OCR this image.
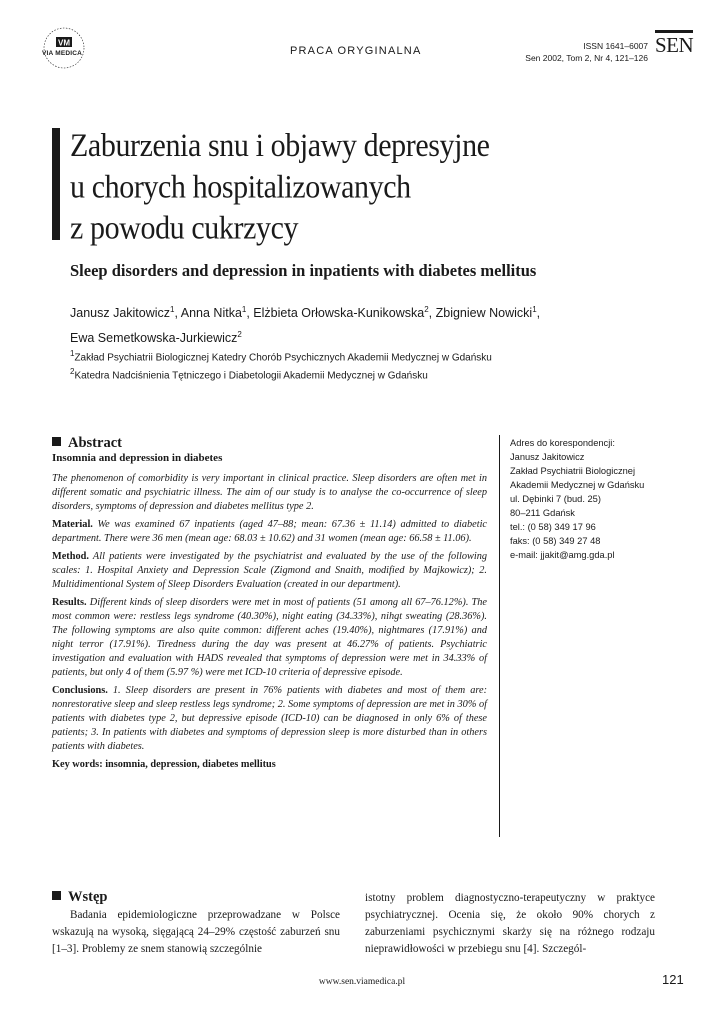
VM
VIA MEDICA	PRACA ORYGINALNA	ISSN 1641–6007
Sen 2002, Tom 2, Nr 4, 121–126
SEN
Zaburzenia snu i objawy depresyjne
u chorych hospitalizowanych
z powodu cukrzycy
Sleep disorders and depression in inpatients with diabetes mellitus
Janusz Jakitowicz$^1$, Anna Nitka$^1$, Elżbieta Orłowska-Kunikowska$^2$, Zbigniew Nowicki$^1$,
Ewa Semetkowska-Jurkiewicz$^2$
$^1$Zakład Psychiatrii Biologicznej Katedry Chorób Psychicznych Akademii Medycznej w Gdańsku
$^2$Katedra Nadciśnienia Tętniczego i Diabetologii Akademii Medycznej w Gdańsku
Abstract
Insomnia and depression in diabetes

The phenomenon of comorbidity is very important in clinical practice. Sleep disorders are often met in different somatic and psychiatric illness. The aim of our study is to analyse the co-occurrence of sleep disorders, symptoms of depression and diabetes mellitus type 2.

Material. We was examined 67 inpatients (aged 47–88; mean: 67.36 ± 11.14) admitted to diabetic department. There were 36 men (mean age: 68.03 ± 10.62) and 31 women (mean age: 66.58 ± 11.06).

Method. All patients were investigated by the psychiatrist and evaluated by the use of the following scales: 1. Hospital Anxiety and Depression Scale (Zigmond and Snaith, modified by Majkowicz); 2. Multidimentional System of Sleep Disorders Evaluation (created in our department).

Results. Different kinds of sleep disorders were met in most of patients (51 among all 67–76.12%). The most common were: restless legs syndrome (40.30%), night eating (34.33%), nihgt sweating (28.36%). The following symptoms are also quite common: different aches (19.40%), nightmares (17.91%) and night terror (17.91%). Tiredness during the day was present at 46.27% of patients. Psychiatric investigation and evaluation with HADS revealed that symptoms of depression were met in 34.33% of patients, but only 4 of them (5.97 %) were met ICD-10 criteria of depressive episode.

Conclusions. 1. Sleep disorders are present in 76% patients with diabetes and most of them are: nonrestorative sleep and sleep restless legs syndrome; 2. Some symptoms of depression are met in 30% of patients with diabetes type 2, but depressive episode (ICD-10) can be diagnosed in only 6% of these patients; 3. In patients with diabetes and symptoms of depression sleep is more disturbed than in others patients with diabetes.

Key words: insomnia, depression, diabetes mellitus

Adres do korespondencji:
Janusz Jakitowicz
Zakład Psychiatrii Biologicznej
Akademii Medycznej w Gdańsku
ul. Dębinki 7 (bud. 25)
80–211 Gdańsk
tel.: (0 58) 349 17 96
faks: (0 58) 349 27 48
e-mail: jjakit@amg.gda.pl
Wstęp

Badania epidemiologiczne przeprowadzane w Polsce wskazują na wysoką, sięgającą 24–29% częstość zaburzeń snu [1–3]. Problemy ze snem stanowią szczególnie

istotny problem diagnostyczno-terapeutyczny w praktyce psychiatrycznej. Ocenia się, że około 90% chorych z zaburzeniami psychicznymi skarży się na różnego rodzaju nieprawidłowości w przebiegu snu [4]. Szczegól-

www.sen.viamedica.pl	121
